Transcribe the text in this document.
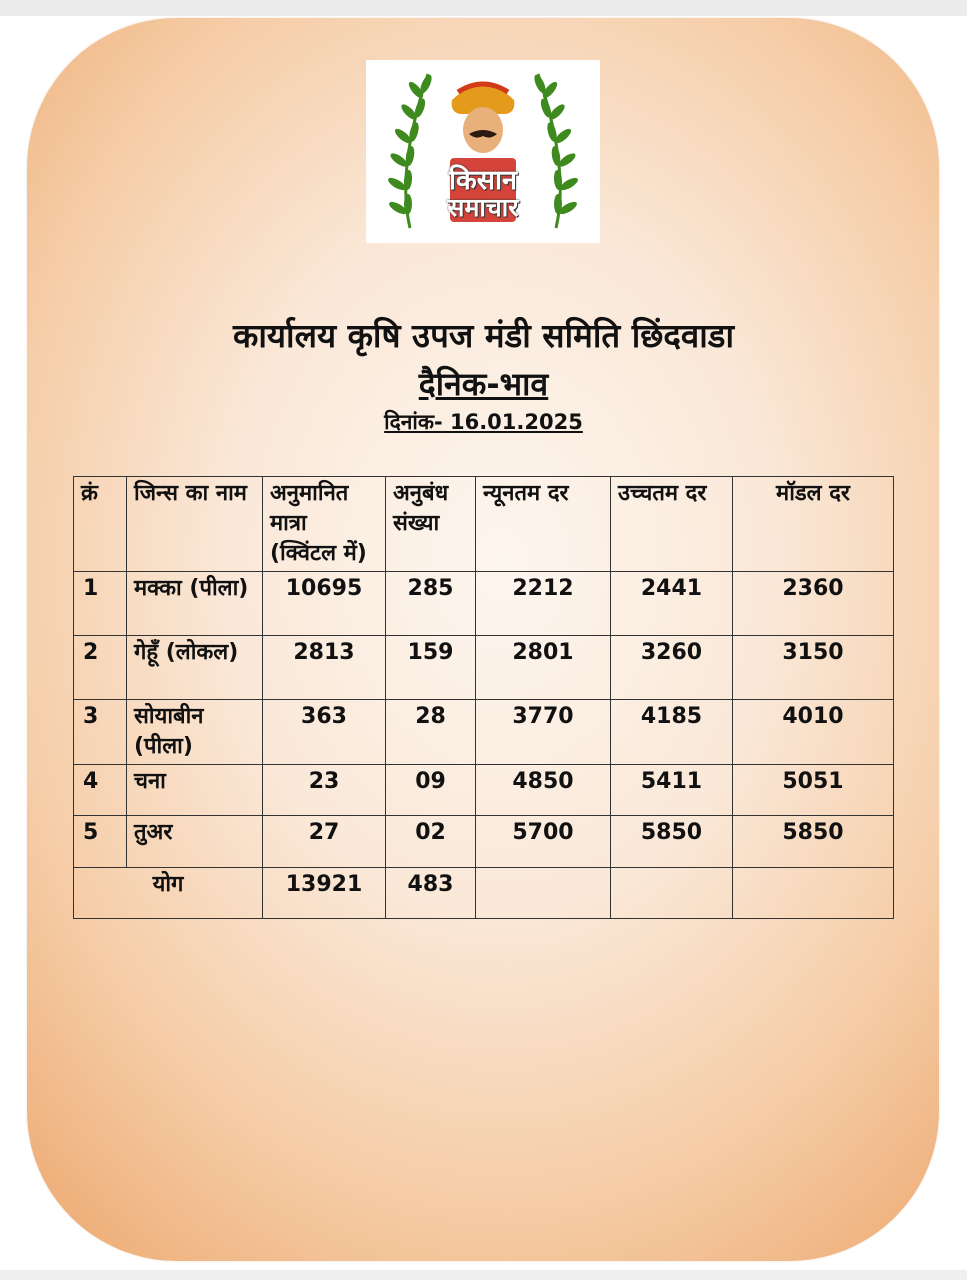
किसान
समाचार
कार्यालय कृषि उपज मंडी समिति छिंदवाडा
दैनिक-भाव
दिनांक- 16.01.2025
क्रं	जिन्स का नाम	अनुमानित मात्रा (क्विंटल में)	अनुबंध संख्या	न्यूनतम दर	उच्चतम दर	मॉडल दर
1	मक्का (पीला)	10695	285	2212	2441	2360
2	गेहूँ (लोकल)	2813	159	2801	3260	3150
3	सोयाबीन (पीला)	363	28	3770	4185	4010
4	चना	23	09	4850	5411	5051
5	तुअर	27	02	5700	5850	5850
योग		13921	483			
